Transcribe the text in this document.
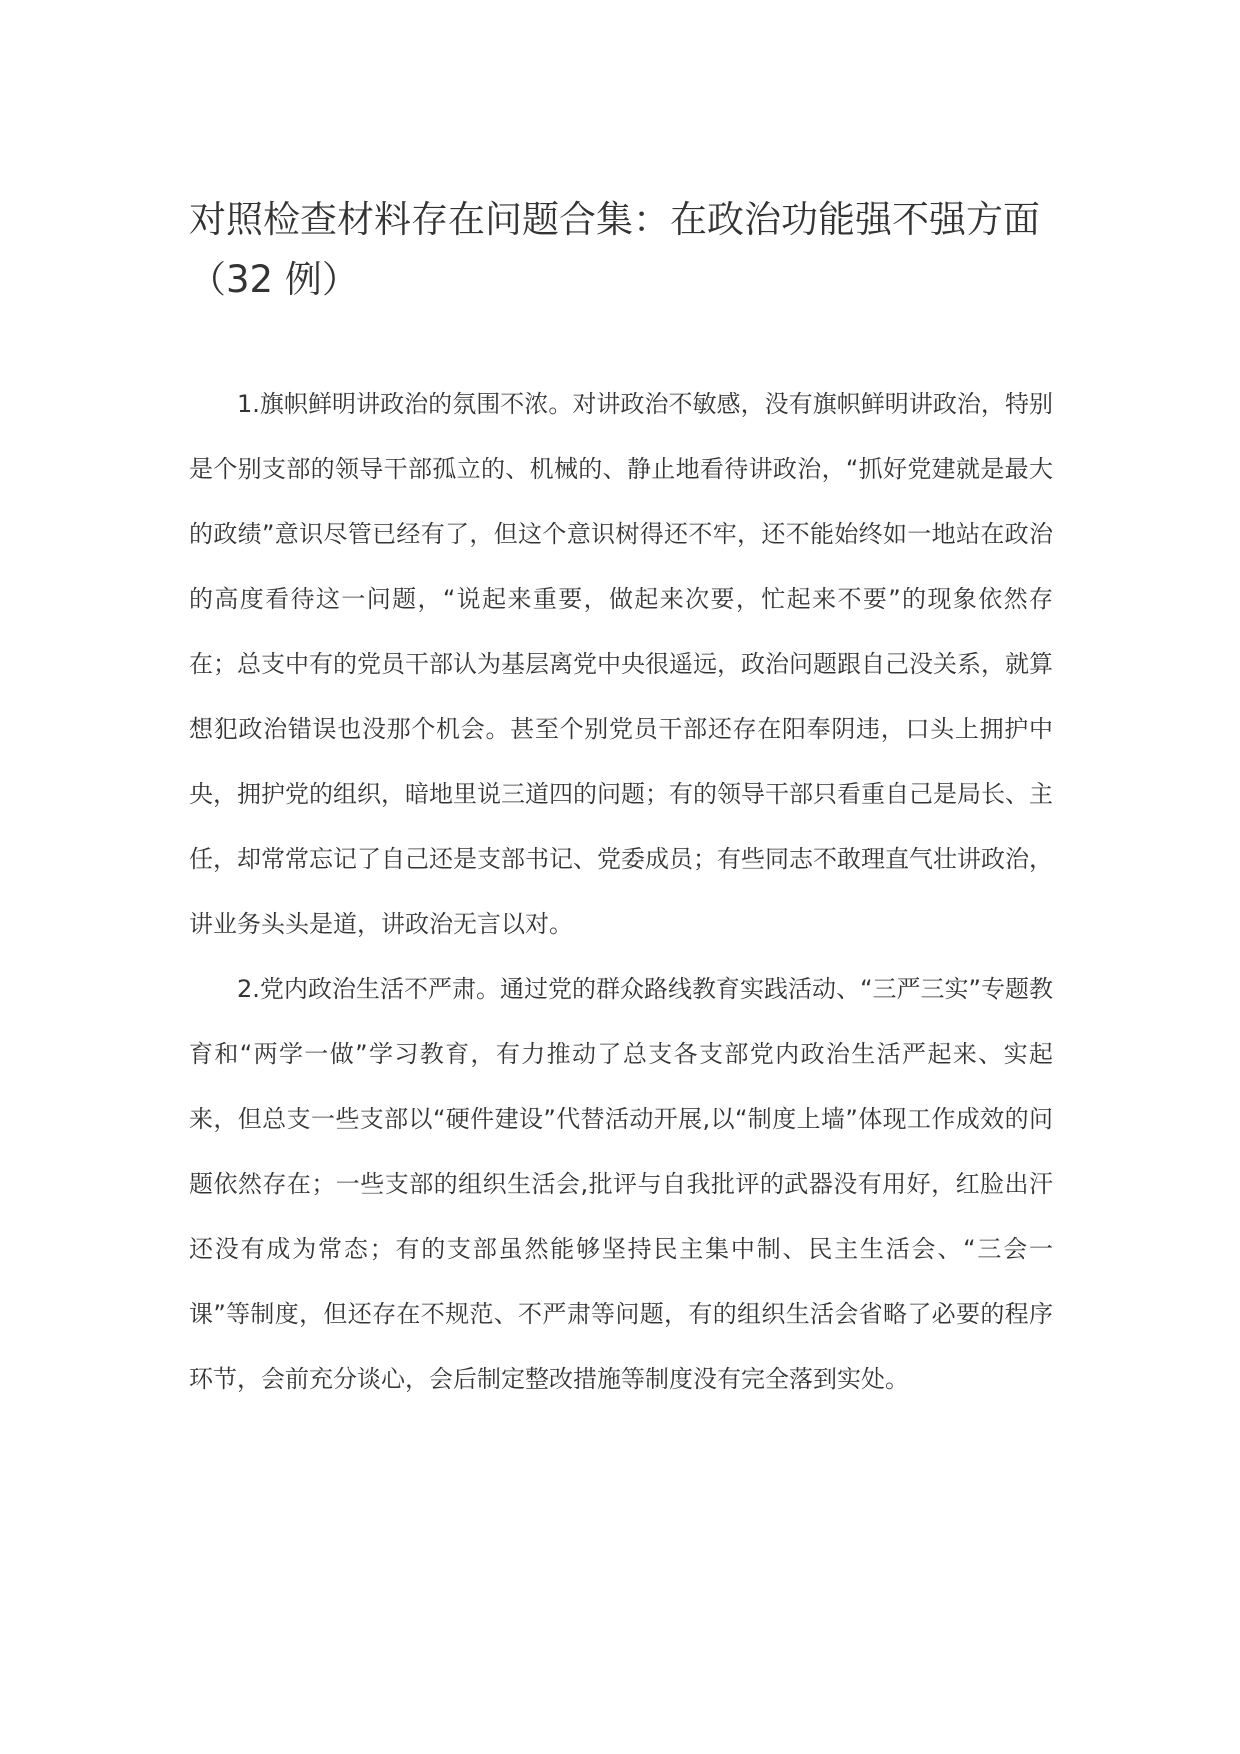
对照检查材料存在问题合集：在政治功能强不强方面（32 例）

1.旗帜鲜明讲政治的氛围不浓。对讲政治不敏感，没有旗帜鲜明讲政治，特别是个别支部的领导干部孤立的、机械的、静止地看待讲政治，“抓好党建就是最大的政绩”意识尽管已经有了，但这个意识树得还不牢，还不能始终如一地站在政治的高度看待这一问题，“说起来重要，做起来次要，忙起来不要”的现象依然存在；总支中有的党员干部认为基层离党中央很遥远，政治问题跟自己没关系，就算想犯政治错误也没那个机会。甚至个别党员干部还存在阳奉阴违，口头上拥护中央，拥护党的组织，暗地里说三道四的问题；有的领导干部只看重自己是局长、主任，却常常忘记了自己还是支部书记、党委成员；有些同志不敢理直气壮讲政治，讲业务头头是道，讲政治无言以对。

2.党内政治生活不严肃。通过党的群众路线教育实践活动、“三严三实”专题教育和“两学一做”学习教育，有力推动了总支各支部党内政治生活严起来、实起来，但总支一些支部以“硬件建设”代替活动开展,以“制度上墙”体现工作成效的问题依然存在；一些支部的组织生活会,批评与自我批评的武器没有用好，红脸出汗还没有成为常态；有的支部虽然能够坚持民主集中制、民主生活会、“三会一课”等制度，但还存在不规范、不严肃等问题，有的组织生活会省略了必要的程序环节，会前充分谈心，会后制定整改措施等制度没有完全落到实处。
